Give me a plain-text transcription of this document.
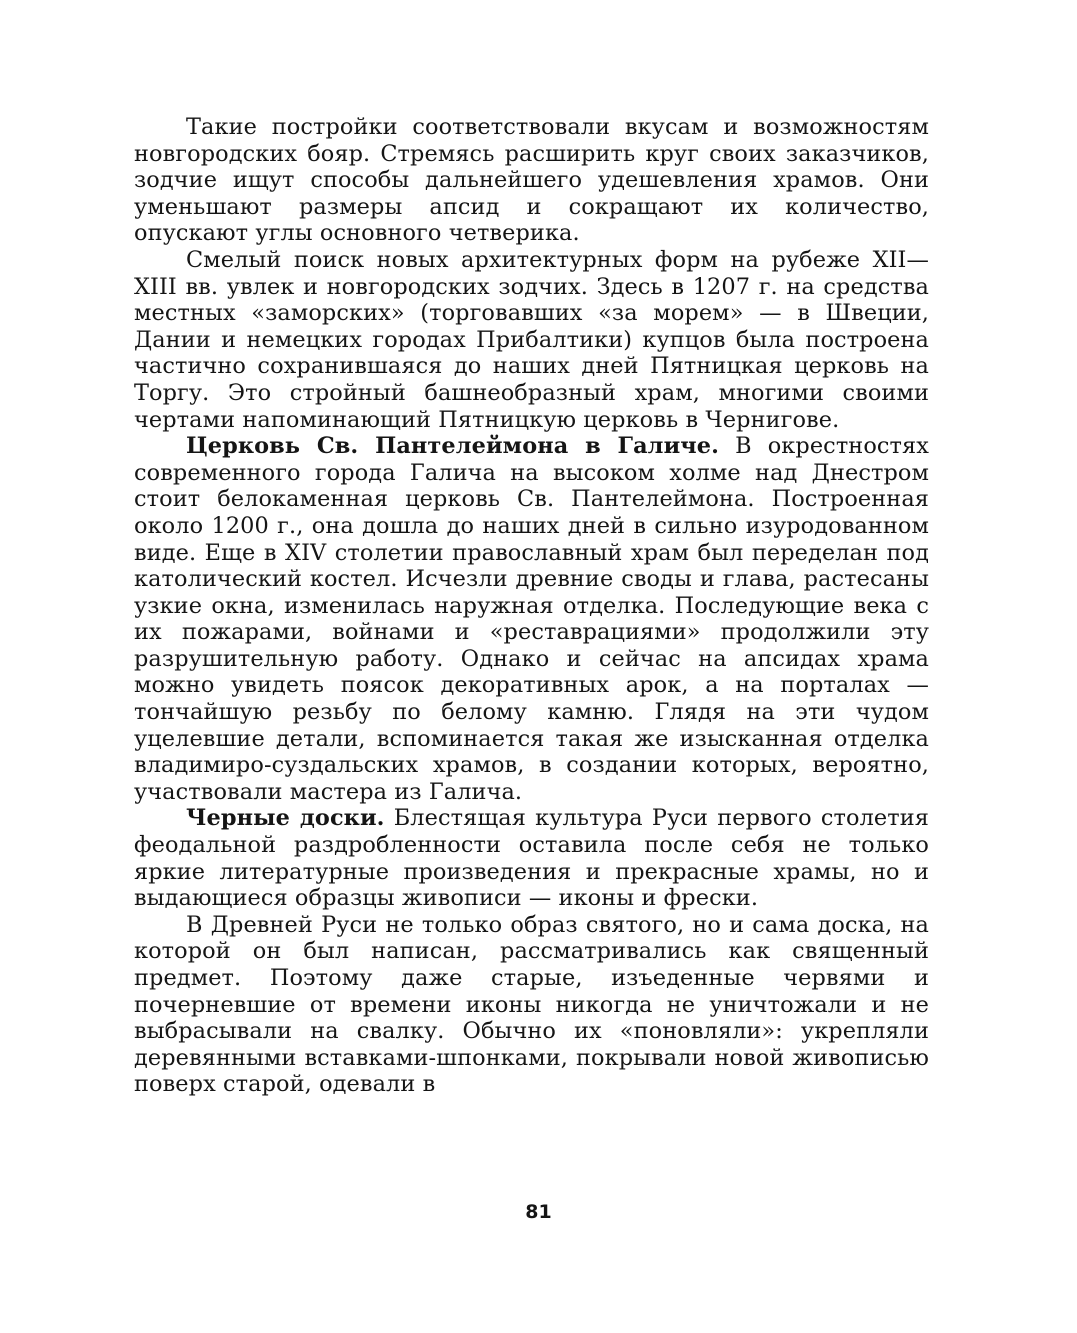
Такие постройки соответствовали вкусам и возможностям новгородских бояр. Стремясь расширить круг своих заказчиков, зодчие ищут способы дальнейшего удешевления храмов. Они уменьшают размеры апсид и сокращают их количество, опускают углы основного четверика.

Смелый поиск новых архитектурных форм на рубеже XII—XIII вв. увлек и новгородских зодчих. Здесь в 1207 г. на средства местных «заморских» (торговавших «за морем» — в Швеции, Дании и немецких городах Прибалтики) купцов была построена частично сохранившаяся до наших дней Пятницкая церковь на Торгу. Это стройный башнеобразный храм, многими своими чертами напоминающий Пятницкую церковь в Чернигове.

Церковь Св. Пантелеймона в Галиче. В окрестностях современного города Галича на высоком холме над Днестром стоит белокаменная церковь Св. Пантелеймона. Построенная около 1200 г., она дошла до наших дней в сильно изуродованном виде. Еще в XIV столетии православный храм был переделан под католический костел. Исчезли древние своды и глава, растесаны узкие окна, изменилась наружная отделка. Последующие века с их пожарами, войнами и «реставрациями» продолжили эту разрушительную работу. Однако и сейчас на апсидах храма можно увидеть поясок декоративных арок, а на порталах — тончайшую резьбу по белому камню. Глядя на эти чудом уцелевшие детали, вспоминается такая же изысканная отделка владимиро-суздальских храмов, в создании которых, вероятно, участвовали мастера из Галича.

Черные доски. Блестящая культура Руси первого столетия феодальной раздробленности оставила после себя не только яркие литературные произведения и прекрасные храмы, но и выдающиеся образцы живописи — иконы и фрески.

В Древней Руси не только образ святого, но и сама доска, на которой он был написан, рассматривались как священный предмет. Поэтому даже старые, изъеденные червями и почерневшие от времени иконы никогда не уничтожали и не выбрасывали на свалку. Обычно их «поновляли»: укрепляли деревянными вставками-шпонками, покрывали новой живописью поверх старой, одевали в

81
